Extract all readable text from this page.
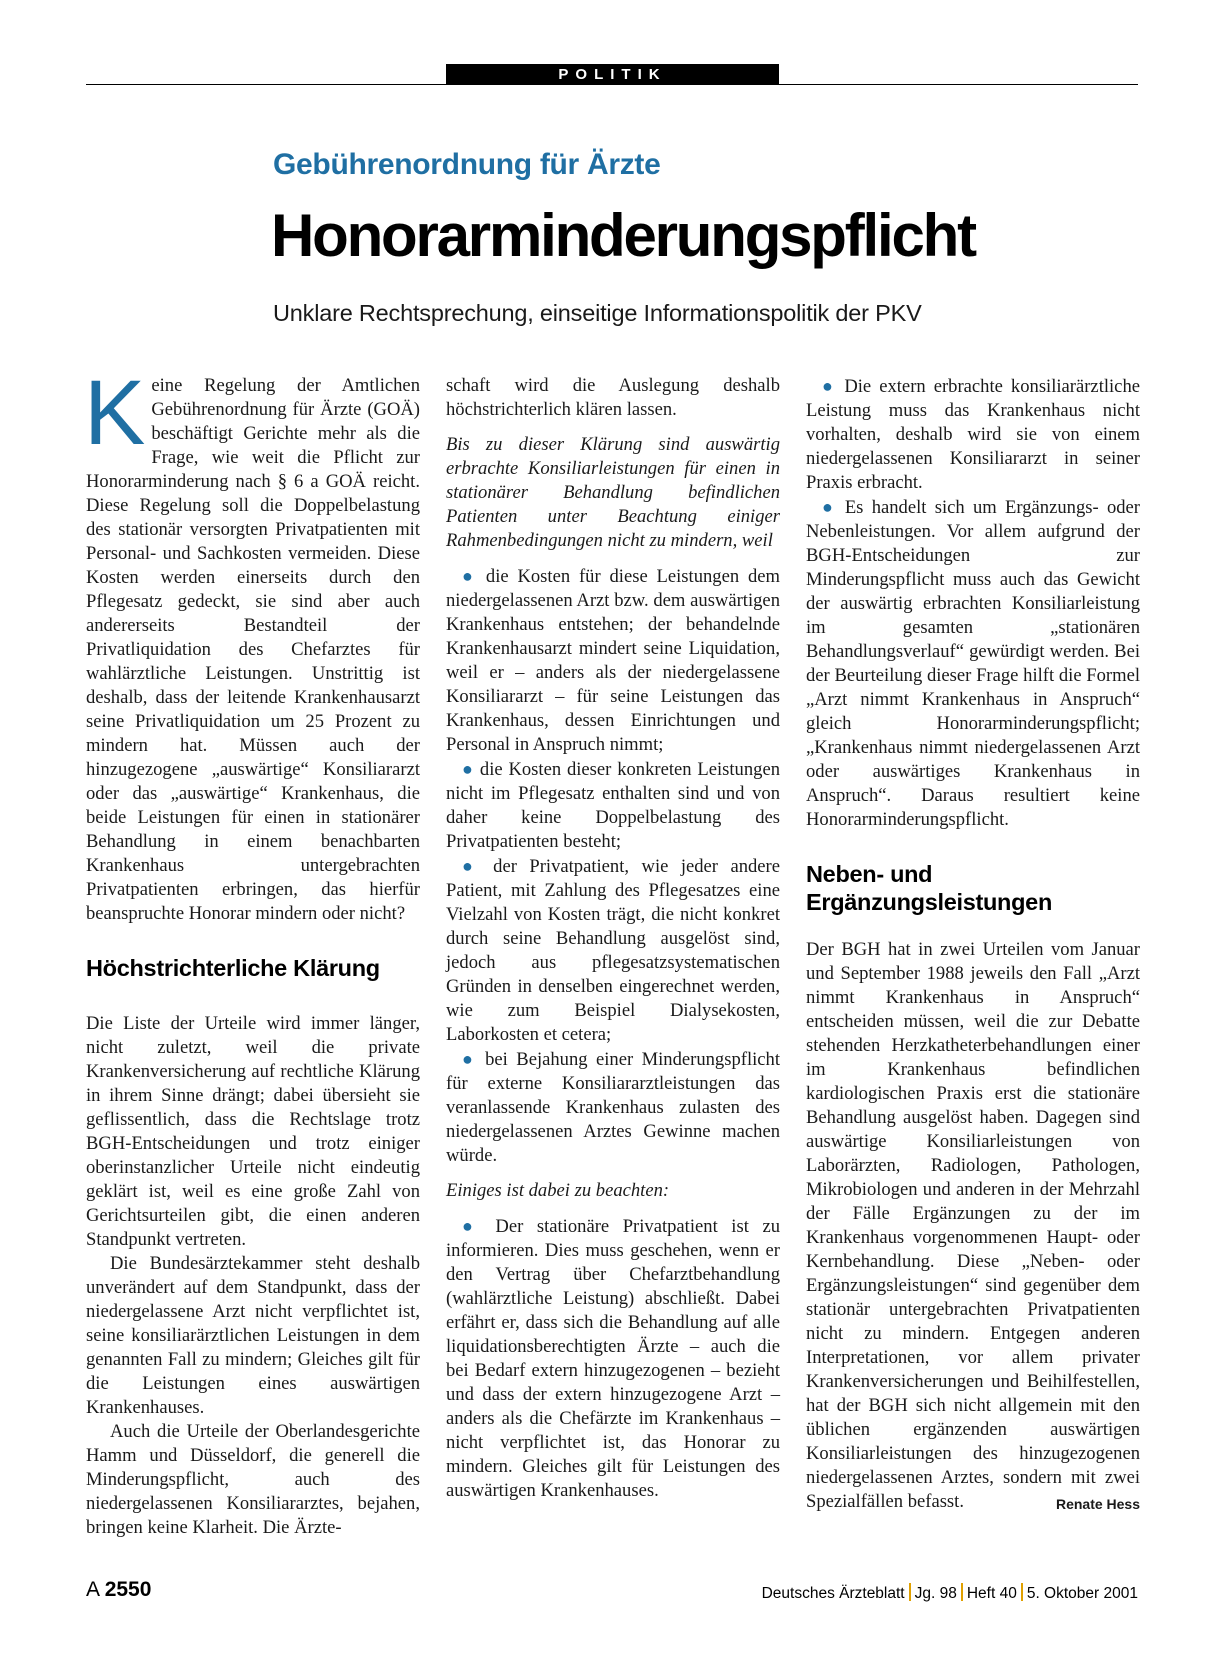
POLITIK
Gebührenordnung für Ärzte
Honorarminderungspflicht
Unklare Rechtsprechung, einseitige Informationspolitik der PKV

Keine Regelung der Amtlichen Gebührenordnung für Ärzte (GOÄ) beschäftigt Gerichte mehr als die Frage, wie weit die Pflicht zur Honorarminderung nach § 6 a GOÄ reicht. Diese Regelung soll die Doppelbelastung des stationär versorgten Privatpatienten mit Personal- und Sachkosten vermeiden. Diese Kosten werden einerseits durch den Pflegesatz gedeckt, sie sind aber auch andererseits Bestandteil der Privatliquidation des Chefarztes für wahlärztliche Leistungen. Unstrittig ist deshalb, dass der leitende Krankenhausarzt seine Privatliquidation um 25 Prozent zu mindern hat. Müssen auch der hinzugezogene „auswärtige“ Konsiliararzt oder das „auswärtige“ Krankenhaus, die beide Leistungen für einen in stationärer Behandlung in einem benachbarten Krankenhaus untergebrachten Privatpatienten erbringen, das hierfür beanspruchte Honorar mindern oder nicht?

Höchstrichterliche Klärung

Die Liste der Urteile wird immer länger, nicht zuletzt, weil die private Krankenversicherung auf rechtliche Klärung in ihrem Sinne drängt; dabei übersieht sie geflissentlich, dass die Rechtslage trotz BGH-Entscheidungen und trotz einiger oberinstanzlicher Urteile nicht eindeutig geklärt ist, weil es eine große Zahl von Gerichtsurteilen gibt, die einen anderen Standpunkt vertreten.

Die Bundesärztekammer steht deshalb unverändert auf dem Standpunkt, dass der niedergelassene Arzt nicht verpflichtet ist, seine konsiliarärztlichen Leistungen in dem genannten Fall zu mindern; Gleiches gilt für die Leistungen eines auswärtigen Krankenhauses.

Auch die Urteile der Oberlandesgerichte Hamm und Düsseldorf, die generell die Minderungspflicht, auch des niedergelassenen Konsiliararztes, bejahen, bringen keine Klarheit. Die Ärzte-

schaft wird die Auslegung deshalb höchstrichterlich klären lassen.

Bis zu dieser Klärung sind auswärtig erbrachte Konsiliarleistungen für einen in stationärer Behandlung befindlichen Patienten unter Beachtung einiger Rahmenbedingungen nicht zu mindern, weil

● die Kosten für diese Leistungen dem niedergelassenen Arzt bzw. dem auswärtigen Krankenhaus entstehen; der behandelnde Krankenhausarzt mindert seine Liquidation, weil er – anders als der niedergelassene Konsiliararzt – für seine Leistungen das Krankenhaus, dessen Einrichtungen und Personal in Anspruch nimmt;

● die Kosten dieser konkreten Leistungen nicht im Pflegesatz enthalten sind und von daher keine Doppelbelastung des Privatpatienten besteht;

● der Privatpatient, wie jeder andere Patient, mit Zahlung des Pflegesatzes eine Vielzahl von Kosten trägt, die nicht konkret durch seine Behandlung ausgelöst sind, jedoch aus pflegesatzsystematischen Gründen in denselben eingerechnet werden, wie zum Beispiel Dialysekosten, Laborkosten et cetera;

● bei Bejahung einer Minderungspflicht für externe Konsiliararztleistungen das veranlassende Krankenhaus zulasten des niedergelassenen Arztes Gewinne machen würde.

Einiges ist dabei zu beachten:

● Der stationäre Privatpatient ist zu informieren. Dies muss geschehen, wenn er den Vertrag über Chefarztbehandlung (wahlärztliche Leistung) abschließt. Dabei erfährt er, dass sich die Behandlung auf alle liquidationsberechtigten Ärzte – auch die bei Bedarf extern hinzugezogenen – bezieht und dass der extern hinzugezogene Arzt – anders als die Chefärzte im Krankenhaus – nicht verpflichtet ist, das Honorar zu mindern. Gleiches gilt für Leistungen des auswärtigen Krankenhauses.

● Die extern erbrachte konsiliarärztliche Leistung muss das Krankenhaus nicht vorhalten, deshalb wird sie von einem niedergelassenen Konsiliararzt in seiner Praxis erbracht.

● Es handelt sich um Ergänzungs- oder Nebenleistungen. Vor allem aufgrund der BGH-Entscheidungen zur Minderungspflicht muss auch das Gewicht der auswärtig erbrachten Konsiliarleistung im gesamten „stationären Behandlungsverlauf“ gewürdigt werden. Bei der Beurteilung dieser Frage hilft die Formel „Arzt nimmt Krankenhaus in Anspruch“ gleich Honorarminderungspflicht; „Krankenhaus nimmt niedergelassenen Arzt oder auswärtiges Krankenhaus in Anspruch“. Daraus resultiert keine Honorarminderungspflicht.

Neben- und Ergänzungsleistungen

Der BGH hat in zwei Urteilen vom Januar und September 1988 jeweils den Fall „Arzt nimmt Krankenhaus in Anspruch“ entscheiden müssen, weil die zur Debatte stehenden Herzkatheterbehandlungen einer im Krankenhaus befindlichen kardiologischen Praxis erst die stationäre Behandlung ausgelöst haben. Dagegen sind auswärtige Konsiliarleistungen von Laborärzten, Radiologen, Pathologen, Mikrobiologen und anderen in der Mehrzahl der Fälle Ergänzungen zu der im Krankenhaus vorgenommenen Haupt- oder Kernbehandlung. Diese „Neben- oder Ergänzungsleistungen“ sind gegenüber dem stationär untergebrachten Privatpatienten nicht zu mindern. Entgegen anderen Interpretationen, vor allem privater Krankenversicherungen und Beihilfestellen, hat der BGH sich nicht allgemein mit den üblichen ergänzenden auswärtigen Konsiliarleistungen des hinzugezogenen niedergelassenen Arztes, sondern mit zwei Spezialfällen befasst.	Renate Hess

A 2550	Deutsches Ärzteblatt Jg. 98 Heft 40 5. Oktober 2001
